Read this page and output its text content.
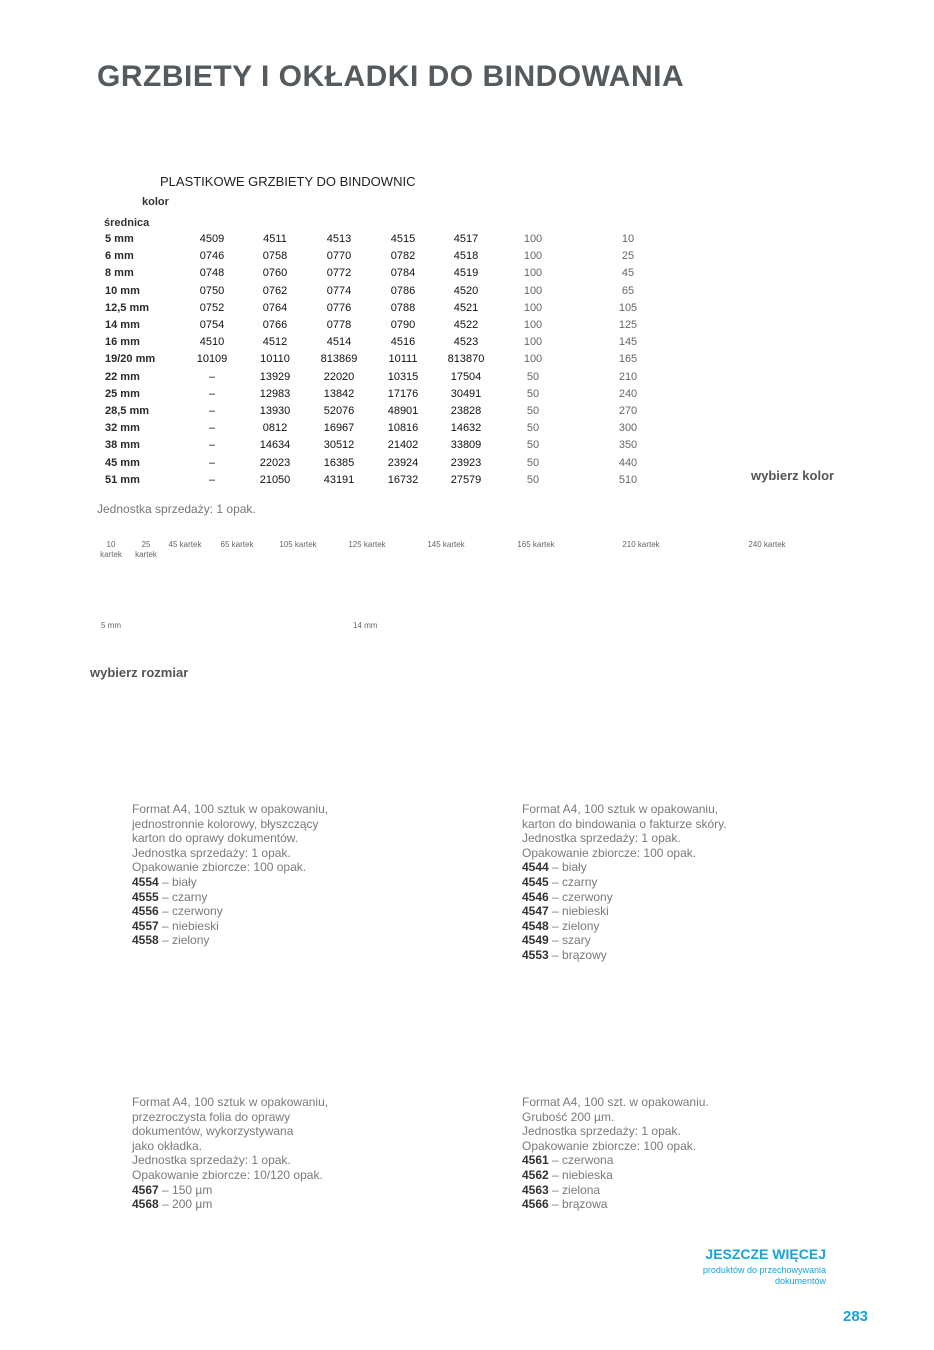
GRZBIETY I OKŁADKI DO BINDOWANIA
PLASTIKOWE GRZBIETY DO BINDOWNIC
kolor
średnica
5 mm	4509	4511	4513	4515	4517	100	10
6 mm	0746	0758	0770	0782	4518	100	25
8 mm	0748	0760	0772	0784	4519	100	45
10 mm	0750	0762	0774	0786	4520	100	65
12,5 mm	0752	0764	0776	0788	4521	100	105
14 mm	0754	0766	0778	0790	4522	100	125
16 mm	4510	4512	4514	4516	4523	100	145
19/20 mm	10109	10110	813869	10111	813870	100	165
22 mm	–	13929	22020	10315	17504	50	210
25 mm	–	12983	13842	17176	30491	50	240
28,5 mm	–	13930	52076	48901	23828	50	270
32 mm	–	0812	16967	10816	14632	50	300
38 mm	–	14634	30512	21402	33809	50	350
45 mm	–	22023	16385	23924	23923	50	440
51 mm	–	21050	43191	16732	27579	50	510
Jednostka sprzedaży: 1 opak.
wybierz kolor
10
kartek
25
kartek
45 kartek 65 kartek	105 kartek	125 kartek	145 kartek	165 kartek	210 kartek	240 kartek
5 mm	14 mm
wybierz rozmiar
Format A4, 100 sztuk w opakowaniu,
jednostronnie kolorowy, błyszczący
karton do oprawy dokumentów.
Jednostka sprzedaży: 1 opak.
Opakowanie zbiorcze: 100 opak.
4554 – biały
4555 – czarny
4556 – czerwony
4557 – niebieski
4558 – zielony
Format A4, 100 sztuk w opakowaniu,
karton do bindowania o fakturze skóry.
Jednostka sprzedaży: 1 opak.
Opakowanie zbiorcze: 100 opak.
4544 – biały
4545 – czarny
4546 – czerwony
4547 – niebieski
4548 – zielony
4549 – szary
4553 – brązowy
Format A4, 100 sztuk w opakowaniu,
przezroczysta folia do oprawy
dokumentów, wykorzystywana
jako okładka.
Jednostka sprzedaży: 1 opak.
Opakowanie zbiorcze: 10/120 opak.
4567 – 150 µm
4568 – 200 µm
Format A4, 100 szt. w opakowaniu.
Grubość 200 µm.
Jednostka sprzedaży: 1 opak.
Opakowanie zbiorcze: 100 opak.
4561 – czerwona
4562 – niebieska
4563 – zielona
4566 – brązowa
JESZCZE WIĘCEJ
produktów do przechowywania dokumentów
283
